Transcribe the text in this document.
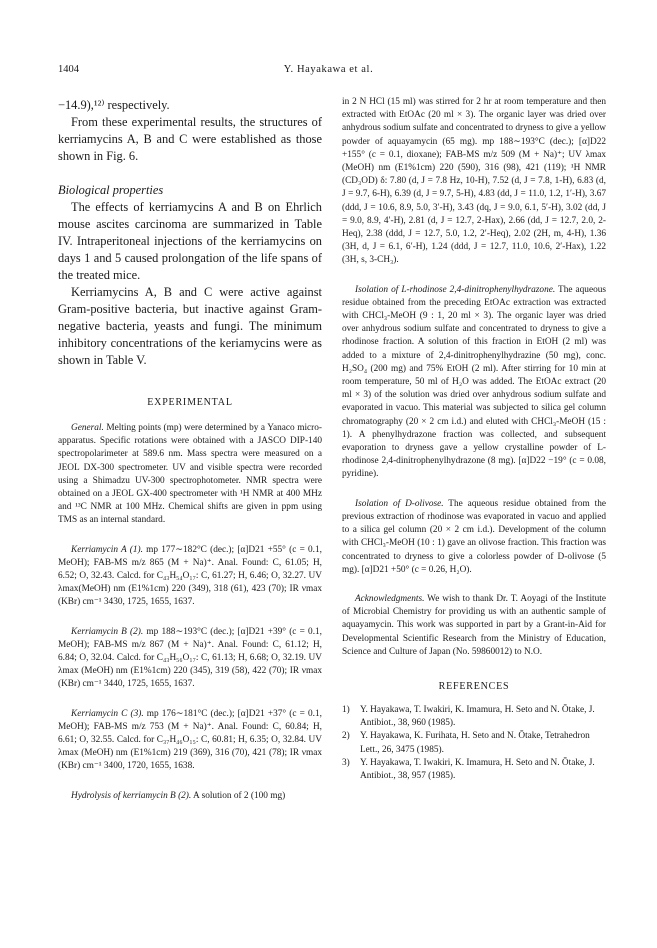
1404	Y. Hayakawa et al.

−14.9),¹²⁾ respectively.

From these experimental results, the structures of kerriamycins A, B and C were established as those shown in Fig. 6.

Biological properties

The effects of kerriamycins A and B on Ehrlich mouse ascites carcinoma are summarized in Table IV. Intraperitoneal injections of the kerriamycins on days 1 and 5 caused prolongation of the life spans of the treated mice.

Kerriamycins A, B and C were active against Gram-positive bacteria, but inactive against Gram-negative bacteria, yeasts and fungi. The minimum inhibitory concentrations of the keriamycins were as shown in Table V.

EXPERIMENTAL

General. Melting points (mp) were determined by a Yanaco micro-apparatus. Specific rotations were obtained with a JASCO DIP-140 spectropolarimeter at 589.6 nm. Mass spectra were measured on a JEOL DX-300 spectrometer. UV and visible spectra were recorded using a Shimadzu UV-300 spectrophotometer. NMR spectra were obtained on a JEOL GX-400 spectrometer with ¹H NMR at 400 MHz and ¹³C NMR at 100 MHz. Chemical shifts are given in ppm using TMS as an internal standard.

Kerriamycin A (1). mp 177∼182°C (dec.); [α]D21 +55° (c = 0.1, MeOH); FAB-MS m/z 865 (M + Na)⁺. Anal. Found: C, 61.05; H, 6.52; O, 32.43. Calcd. for C₄₃H₅₄O₁₇: C, 61.27; H, 6.46; O, 32.27. UV λmax(MeOH) nm (E1%1cm) 220 (349), 318 (61), 423 (70); IR νmax (KBr) cm⁻¹ 3430, 1725, 1655, 1637.

Kerriamycin B (2). mp 188∼193°C (dec.); [α]D21 +39° (c = 0.1, MeOH); FAB-MS m/z 867 (M + Na)⁺. Anal. Found: C, 61.12; H, 6.84; O, 32.04. Calcd. for C₄₃H₅₆O₁₇: C, 61.13; H, 6.68; O, 32.19. UV λmax (MeOH) nm (E1%1cm) 220 (345), 319 (58), 422 (70); IR νmax (KBr) cm⁻¹ 3440, 1725, 1655, 1637.

Kerriamycin C (3). mp 176∼181°C (dec.); [α]D21 +37° (c = 0.1, MeOH); FAB-MS m/z 753 (M + Na)⁺. Anal. Found: C, 60.84; H, 6.61; O, 32.55. Calcd. for C₃₇H₄₆O₁₅: C, 60.81; H, 6.35; O, 32.84. UV λmax (MeOH) nm (E1%1cm) 219 (369), 316 (70), 421 (78); IR νmax (KBr) cm⁻¹ 3400, 1720, 1655, 1638.

Hydrolysis of kerriamycin B (2). A solution of 2 (100 mg)

in 2 N HCl (15 ml) was stirred for 2 hr at room temperature and then extracted with EtOAc (20 ml × 3). The organic layer was dried over anhydrous sodium sulfate and concentrated to dryness to give a yellow powder of aquayamycin (65 mg). mp 188∼193°C (dec.); [α]D22 +155° (c = 0.1, dioxane); FAB-MS m/z 509 (M + Na)⁺; UV λmax (MeOH) nm (E1%1cm) 220 (590), 316 (98), 421 (119); ¹H NMR (CD₃OD) δ: 7.80 (d, J = 7.8 Hz, 10-H), 7.52 (d, J = 7.8, 1-H), 6.83 (d, J = 9.7, 6-H), 6.39 (d, J = 9.7, 5-H), 4.83 (dd, J = 11.0, 1.2, 1′-H), 3.67 (ddd, J = 10.6, 8.9, 5.0, 3′-H), 3.43 (dq, J = 9.0, 6.1, 5′-H), 3.02 (dd, J = 9.0, 8.9, 4′-H), 2.81 (d, J = 12.7, 2-Hax), 2.66 (dd, J = 12.7, 2.0, 2-Heq), 2.38 (ddd, J = 12.7, 5.0, 1.2, 2′-Heq), 2.02 (2H, m, 4-H), 1.36 (3H, d, J = 6.1, 6′-H), 1.24 (ddd, J = 12.7, 11.0, 10.6, 2′-Hax), 1.22 (3H, s, 3-CH₃).

Isolation of L-rhodinose 2,4-dinitrophenylhydrazone. The aqueous residue obtained from the preceding EtOAc extraction was extracted with CHCl₃-MeOH (9 : 1, 20 ml × 3). The organic layer was dried over anhydrous sodium sulfate and concentrated to dryness to give a rhodinose fraction. A solution of this fraction in EtOH (2 ml) was added to a mixture of 2,4-dinitrophenylhydrazine (50 mg), conc. H₂SO₄ (200 mg) and 75% EtOH (2 ml). After stirring for 10 min at room temperature, 50 ml of H₂O was added. The EtOAc extract (20 ml × 3) of the solution was dried over anhydrous sodium sulfate and evaporated in vacuo. This material was subjected to silica gel column chromatography (20 × 2 cm i.d.) and eluted with CHCl₃-MeOH (15 : 1). A phenylhydrazone fraction was collected, and subsequent evaporation to dryness gave a yellow crystalline powder of L-rhodinose 2,4-dinitrophenylhydrazone (8 mg). [α]D22 −19° (c = 0.08, pyridine).

Isolation of D-olivose. The aqueous residue obtained from the previous extraction of rhodinose was evaporated in vacuo and applied to a silica gel column (20 × 2 cm i.d.). Development of the column with CHCl₃-MeOH (10 : 1) gave an olivose fraction. This fraction was concentrated to dryness to give a colorless powder of D-olivose (5 mg). [α]D21 +50° (c = 0.26, H₂O).

Acknowledgments. We wish to thank Dr. T. Aoyagi of the Institute of Microbial Chemistry for providing us with an authentic sample of aquayamycin. This work was supported in part by a Grant-in-Aid for Developmental Scientific Research from the Ministry of Education, Science and Culture of Japan (No. 59860012) to N.O.

REFERENCES
1)	Y. Hayakawa, T. Iwakiri, K. Imamura, H. Seto and N. Ōtake, J. Antibiot., 38, 960 (1985).
2)	Y. Hayakawa, K. Furihata, H. Seto and N. Ōtake, Tetrahedron Lett., 26, 3475 (1985).
3)	Y. Hayakawa, T. Iwakiri, K. Imamura, H. Seto and N. Ōtake, J. Antibiot., 38, 957 (1985).
